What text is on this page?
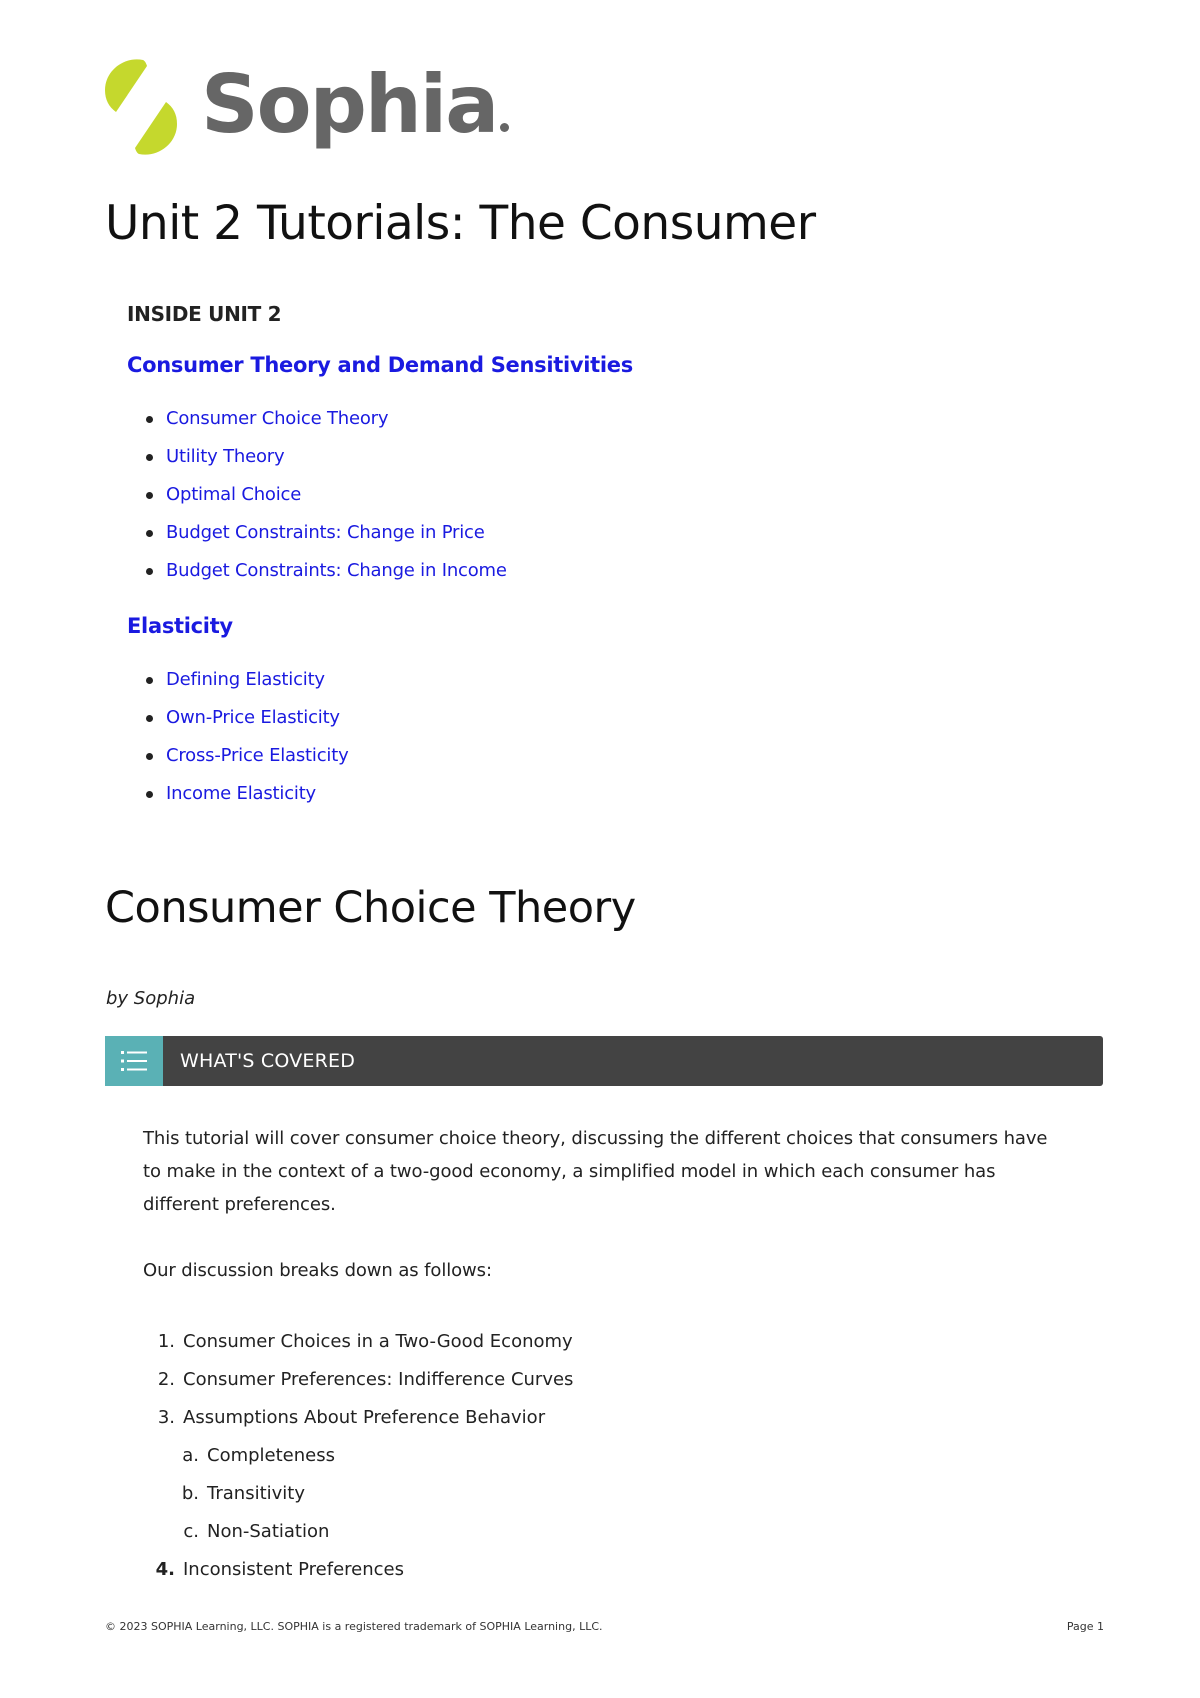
Sophia
Unit 2 Tutorials: The Consumer
INSIDE UNIT 2
Consumer Theory and Demand Sensitivities
Consumer Choice Theory
Utility Theory
Optimal Choice
Budget Constraints: Change in Price
Budget Constraints: Change in Income
Elasticity
Defining Elasticity
Own-Price Elasticity
Cross-Price Elasticity
Income Elasticity
Consumer Choice Theory
by Sophia
WHAT'S COVERED

This tutorial will cover consumer choice theory, discussing the different choices that consumers have to make in the context of a two-good economy, a simplified model in which each consumer has different preferences.

Our discussion breaks down as follows:

1. Consumer Choices in a Two-Good Economy
2. Consumer Preferences: Indifference Curves
3. Assumptions About Preference Behavior
a. Completeness
b. Transitivity
c. Non-Satiation
4. Inconsistent Preferences
© 2023 SOPHIA Learning, LLC. SOPHIA is a registered trademark of SOPHIA Learning, LLC.	Page 1
